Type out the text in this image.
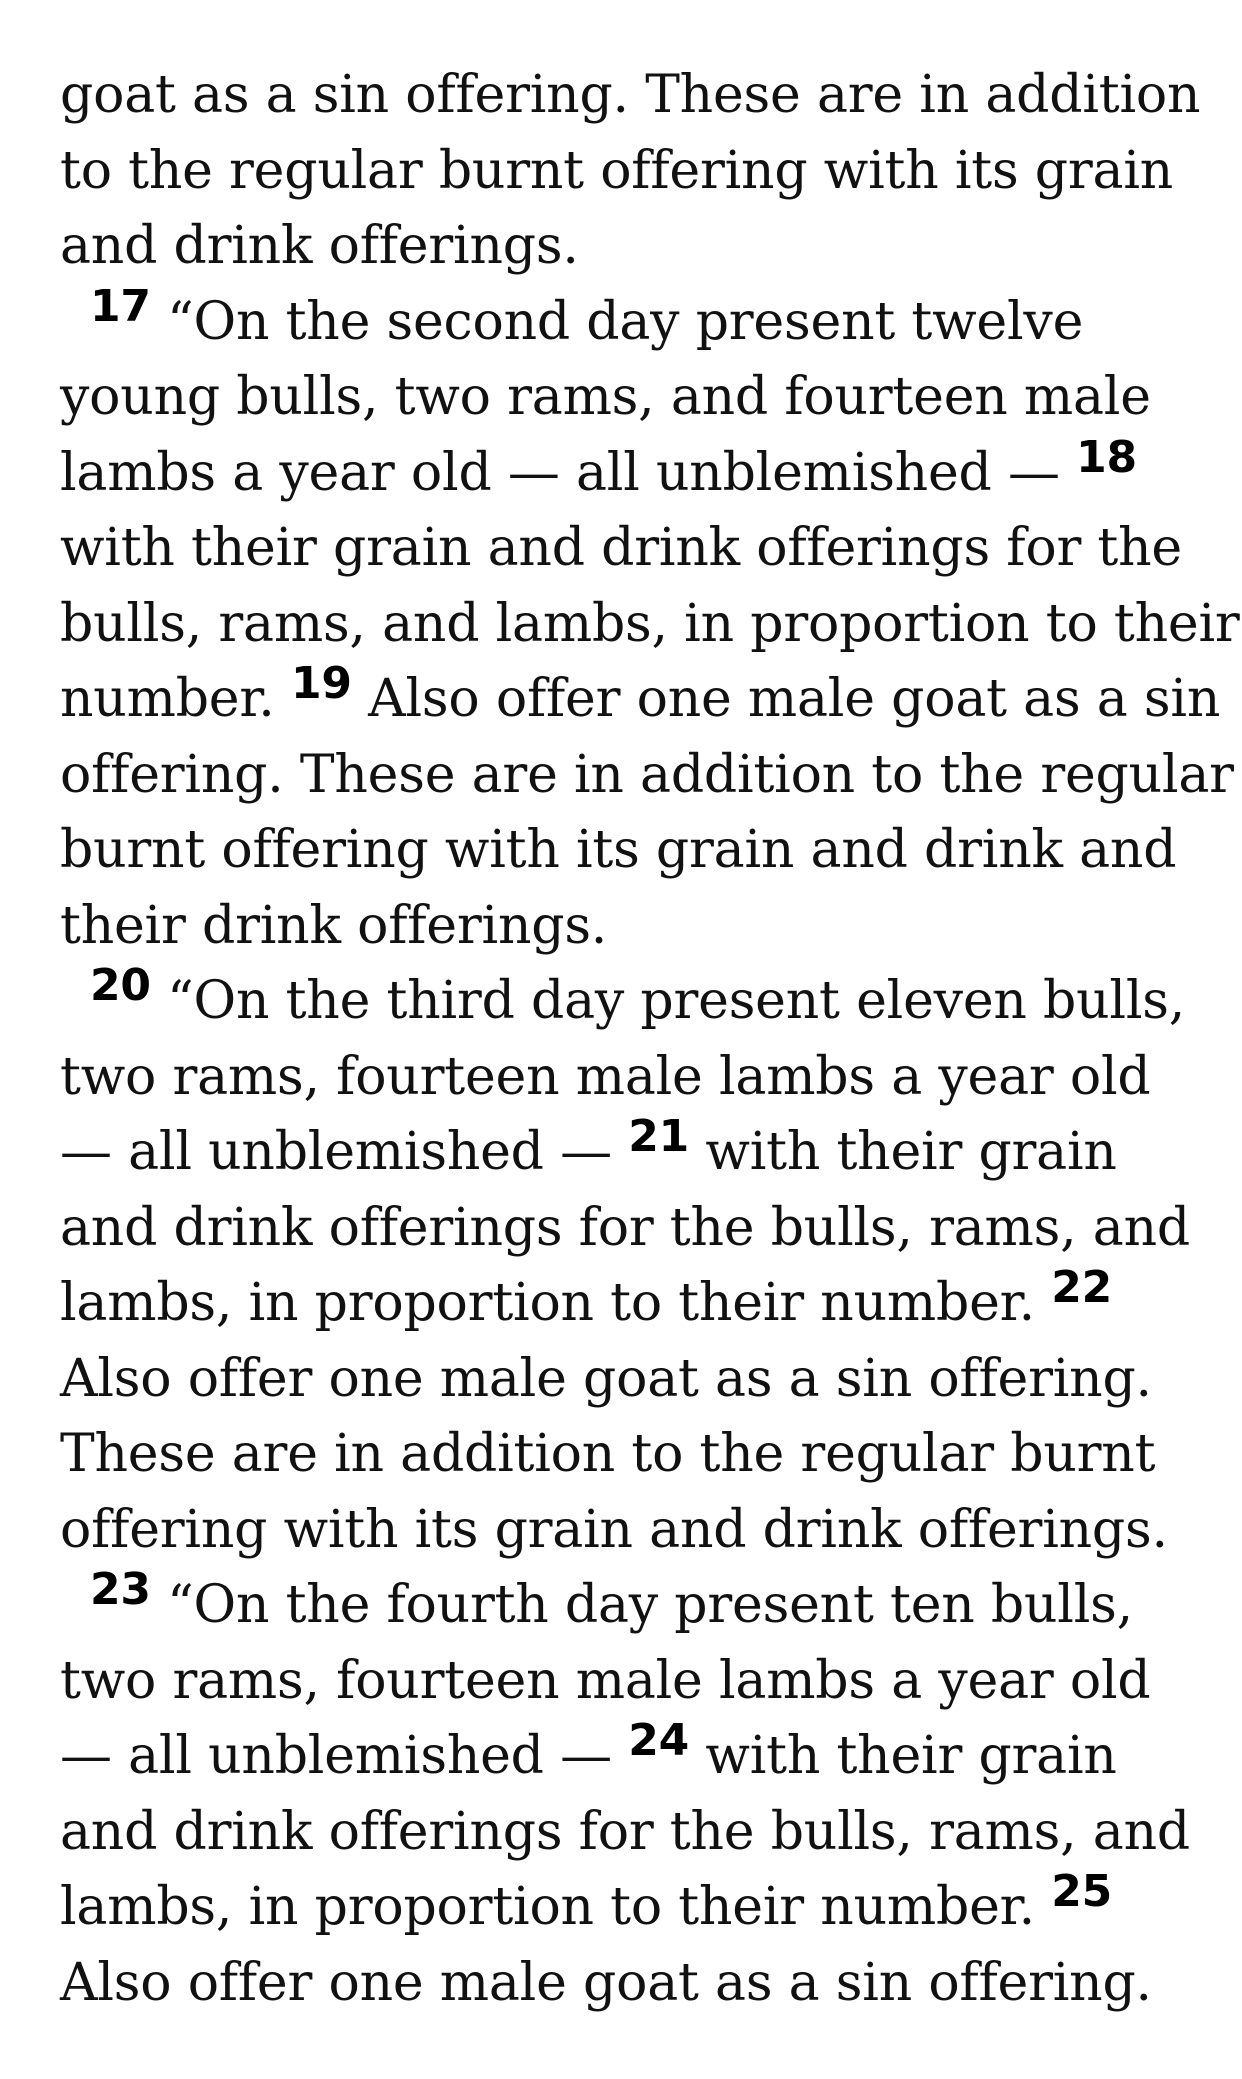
goat as a sin offering. These are in addition
to the regular burnt offering with its grain
and drink offerings.
$^{17}$ “On the second day present twelve
young bulls, two rams, and fourteen male
lambs a year old — all unblemished — $^{18}$
with their grain and drink offerings for the
bulls, rams, and lambs, in proportion to their
number. $^{19}$ Also offer one male goat as a sin
offering. These are in addition to the regular
burnt offering with its grain and drink and
their drink offerings.
$^{20}$ “On the third day present eleven bulls,
two rams, fourteen male lambs a year old
— all unblemished — $^{21}$ with their grain
and drink offerings for the bulls, rams, and
lambs, in proportion to their number. $^{22}$
Also offer one male goat as a sin offering.
These are in addition to the regular burnt
offering with its grain and drink offerings.
$^{23}$ “On the fourth day present ten bulls,
two rams, fourteen male lambs a year old
— all unblemished — $^{24}$ with their grain
and drink offerings for the bulls, rams, and
lambs, in proportion to their number. $^{25}$
Also offer one male goat as a sin offering.
